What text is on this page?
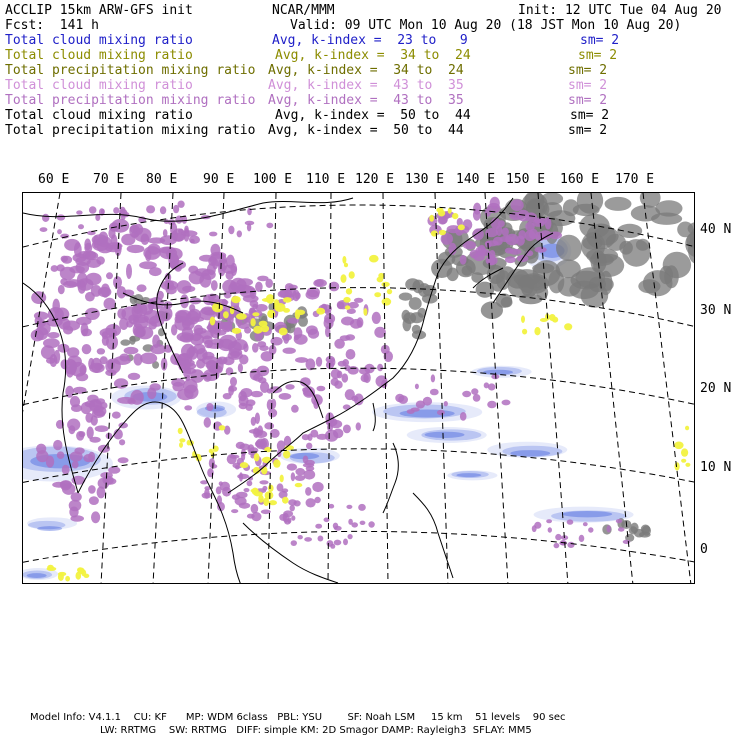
ACCLIP 15km ARW-GFS init	NCAR/MMM	Init: 12 UTC Tue 04 Aug 20
Fcst:  141 h	Valid: 09 UTC Mon 10 Aug 20 (18 JST Mon 10 Aug 20)
Total cloud mixing ratio	Avg, k-index =  23 to   9	sm= 2
Total cloud mixing ratio	Avg, k-index =  34 to  24	sm= 2
Total precipitation mixing ratio Avg, k-index =  34 to  24	sm= 2
Total cloud mixing ratio	Avg, k-index =  43 to  35	sm= 2
Total precipitation mixing ratio Avg, k-index =  43 to  35	sm= 2
Total cloud mixing ratio	Avg, k-index =  50 to  44	sm= 2
Total precipitation mixing ratio Avg, k-index =  50 to  44	sm= 2
60 E 70 E 80 E 90 E 100 E 110 E 120 E 130 E 140 E 150 E 160 E 170 E
40 N
30 N
20 N
10 N
0
Model Info: V4.1.1    CU: KF      MP: WDM 6class   PBL: YSU        SF: Noah LSM     15 km    51 levels    90 sec
LW: RRTMG    SW: RRTMG   DIFF: simple KM: 2D Smagor DAMP: Rayleigh3  SFLAY: MM5
